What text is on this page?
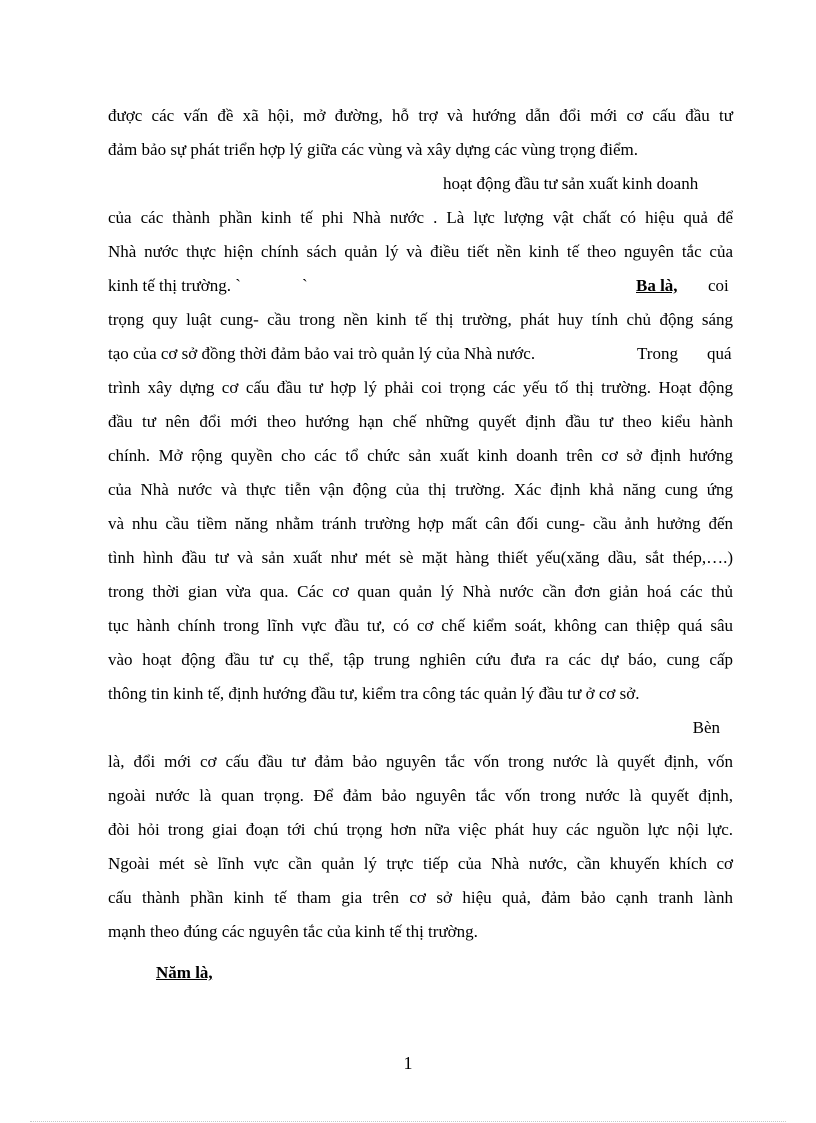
được các vấn đề xã hội, mở đường, hỗ trợ và hướng dẫn đổi mới cơ cấu đầu tư
đảm bảo sự phát triển hợp lý giữa các vùng và xây dựng các vùng trọng điểm.
hoạt động đầu tư sản xuất kinh doanh
của các thành phần kinh tế phi Nhà nước . Là lực lượng vật chất có hiệu quả để
Nhà nước thực hiện chính sách quản lý và điều tiết nền kinh tế theo nguyên tắc của
kinh tế thị trường. `	`	Ba là, coi
trọng quy luật cung- cầu trong nền kinh tế thị trường, phát huy tính chủ động sáng
tạo của cơ sở đồng thời đảm bảo vai trò quản lý của Nhà nước.	Trong quá
trình xây dựng cơ cấu đầu tư hợp lý phải coi trọng các yếu tố thị trường. Hoạt động
đầu tư nên đổi mới theo hướng hạn chế những quyết định đầu tư theo kiểu hành
chính. Mở rộng quyền cho các tổ chức sản xuất kinh doanh trên cơ sở định hướng
của Nhà nước và thực tiễn vận động của thị trường. Xác định khả năng cung ứng
và nhu cầu tiềm năng nhằm tránh trường hợp mất cân đối cung- cầu ảnh hưởng đến
tình hình đầu tư và sản xuất như mét sè mặt hàng thiết yếu(xăng dầu, sắt thép,….)
trong thời gian vừa qua. Các cơ quan quản lý Nhà nước cần đơn giản hoá các thủ
tục hành chính trong lĩnh vực đầu tư, có cơ chế kiểm soát, không can thiệp quá sâu
vào hoạt động đầu tư cụ thể, tập trung nghiên cứu đưa ra các dự báo, cung cấp
thông tin kinh tế, định hướng đầu tư, kiểm tra công tác quản lý đầu tư ở cơ sở.
Bèn
là, đổi mới cơ cấu đầu tư đảm bảo nguyên tắc vốn trong nước là quyết định, vốn
ngoài nước là quan trọng. Để đảm bảo nguyên tắc vốn trong nước là quyết định,
đòi hỏi trong giai đoạn tới chú trọng hơn nữa việc phát huy các nguồn lực nội lực.
Ngoài mét sè lĩnh vực cần quản lý trực tiếp của Nhà nước, cần khuyến khích cơ
cấu thành phần kinh tế tham gia trên cơ sở hiệu quả, đảm bảo cạnh tranh lành
mạnh theo đúng các nguyên tắc của kinh tế thị trường.
Năm là,
1
